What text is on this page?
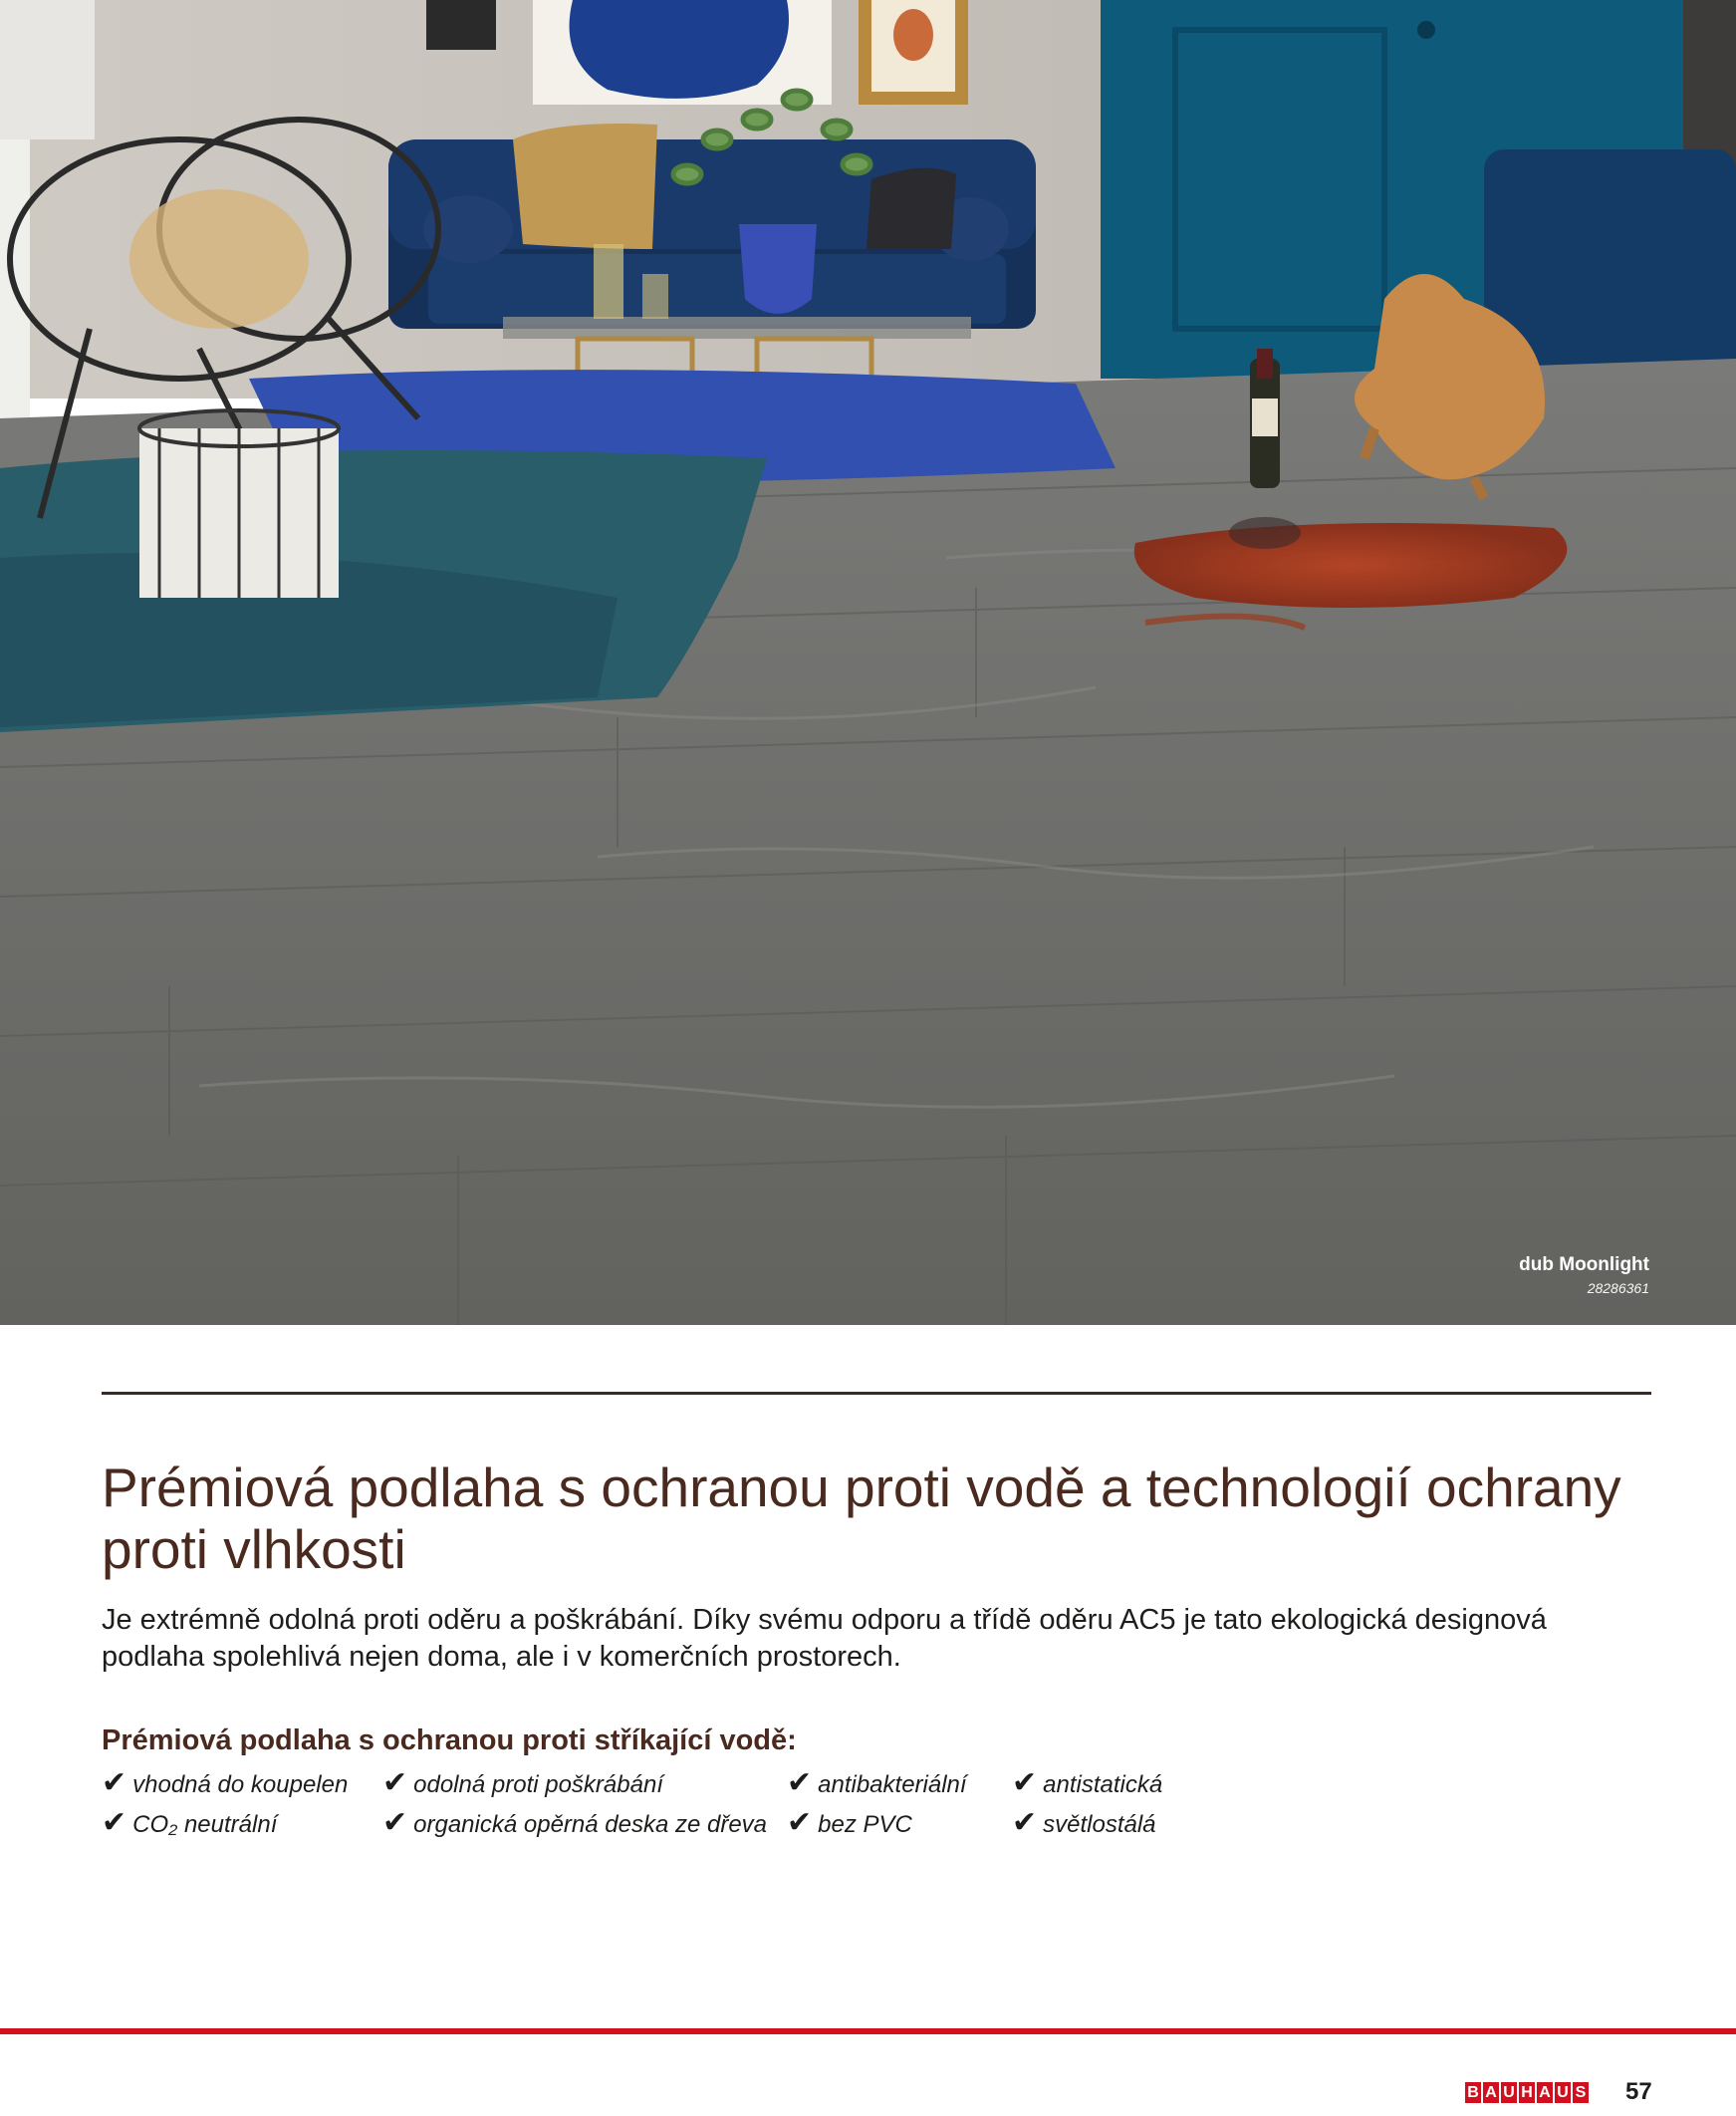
dub Moonlight
28286361
Prémiová podlaha s ochranou proti vodě a technologií ochrany proti vlhkosti

Je extrémně odolná proti oděru a poškrábání. Díky svému odporu a třídě oděru AC5 je tato ekologická designová podlaha spolehlivá nejen doma, ale i v komerčních prostorech.

Prémiová podlaha s ochranou proti stříkající vodě:
✔ vhodná do koupelen	✔ odolná proti poškrábání	✔ antibakteriální	✔ antistatická
✔ CO₂ neutrální	✔ organická opěrná deska ze dřeva ✔ bez PVC	✔ světlostálá
B A U H A U S 57
